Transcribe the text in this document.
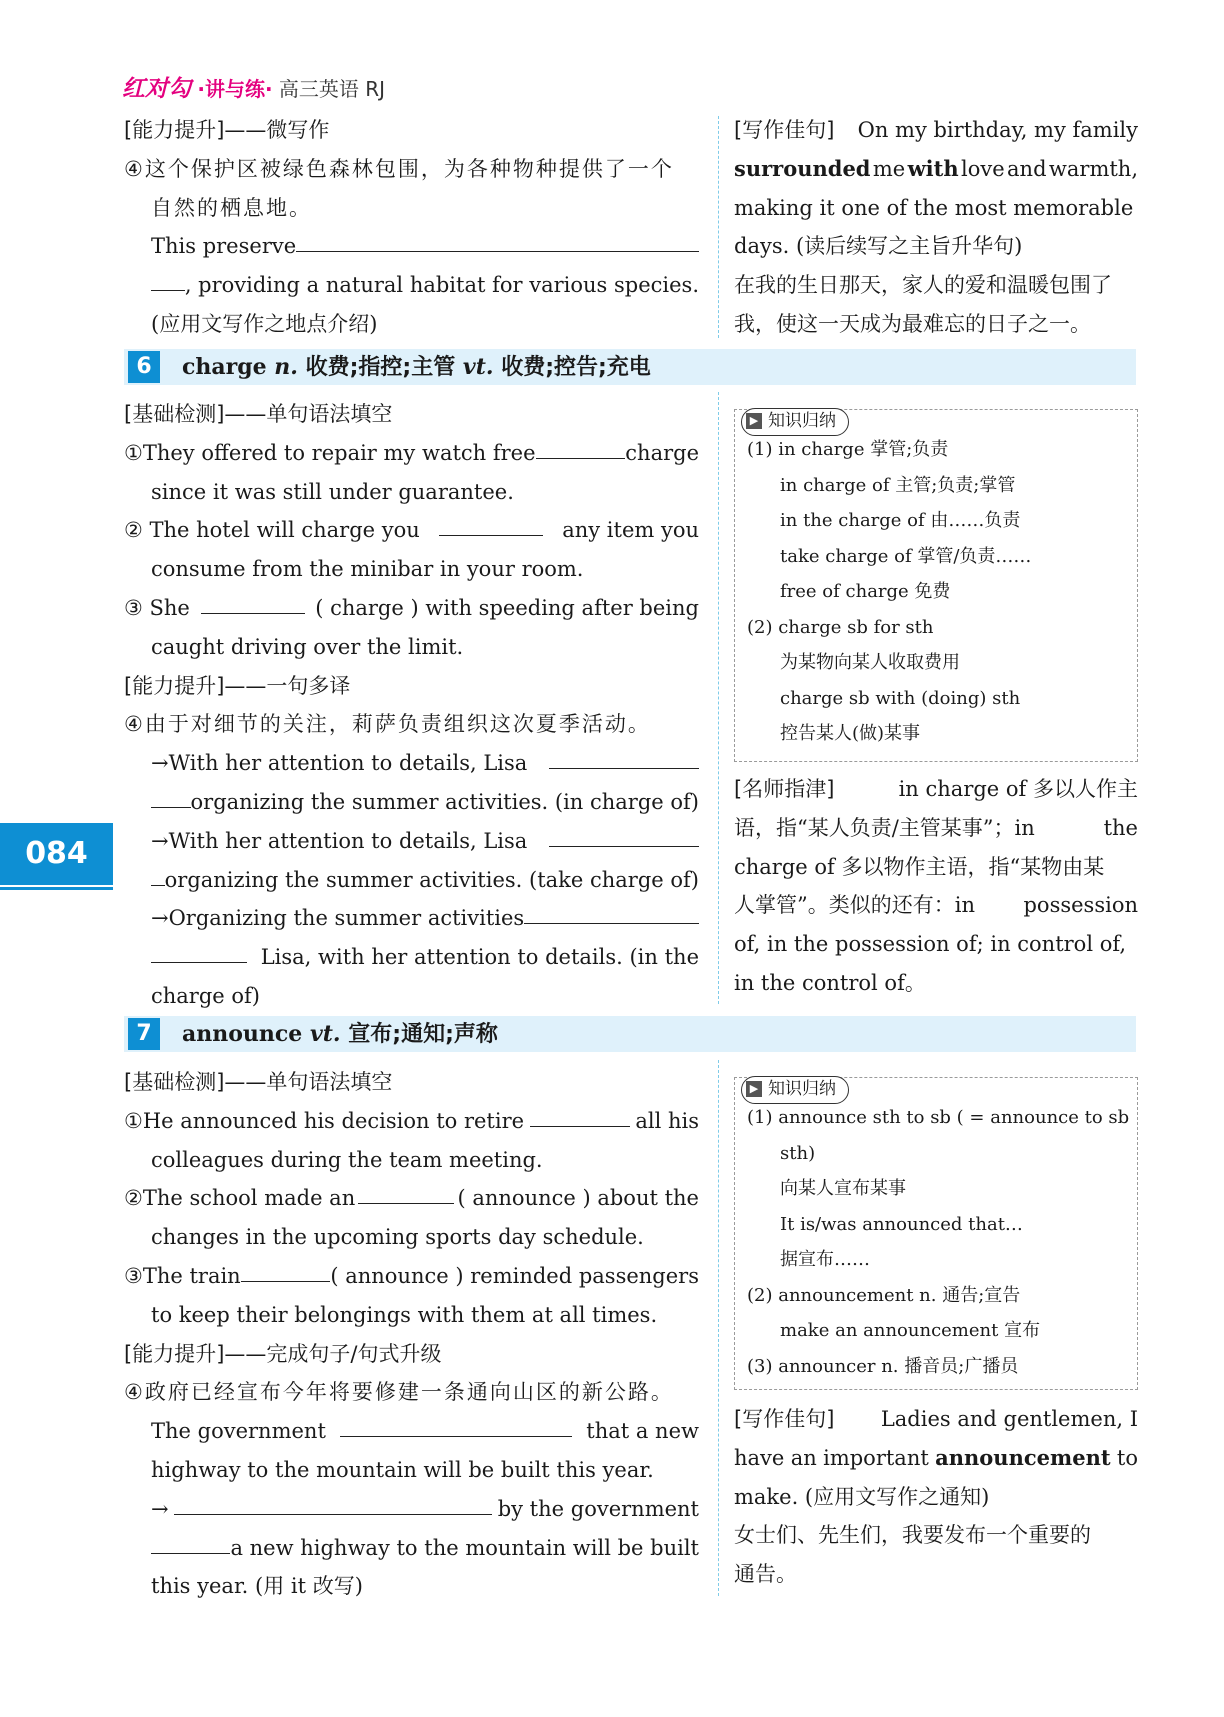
红对勾 ·讲与练· 高三英语 RJ
084
[能力提升]——微写作
④这个保护区被绿色森林包围，为各种物种提供了一个
自然的栖息地。
This preserve
, providing a natural habitat for various species.
(应用文写作之地点介绍)
[写作佳句] On my birthday, my family
surrounded me with love and warmth,
making it one of the most memorable
days. (读后续写之主旨升华句)
在我的生日那天，家人的爱和温暖包围了
我，使这一天成为最难忘的日子之一。
6	charge n. 收费;指控;主管 vt. 收费;控告;充电
[基础检测]——单句语法填空
①They offered to repair my watch free	charge
since it was still under guarantee.
② The hotel will charge you	any item you
consume from the minibar in your room.
③ She	( charge ) with speeding after being
caught driving over the limit.
[能力提升]——一句多译
④由于对细节的关注，莉萨负责组织这次夏季活动。
→With her attention to details, Lisa
organizing the summer activities. (in charge of)
→With her attention to details, Lisa
organizing the summer activities. (take charge of)
→Organizing the summer activities
Lisa, with her attention to details. (in the
charge of)
▶ 知识归纳
(1) in charge 掌管;负责
in charge of 主管;负责;掌管
in the charge of 由……负责
take charge of 掌管/负责……
free of charge 免费
(2) charge sb for sth
为某物向某人收取费用
charge sb with (doing) sth
控告某人(做)某事
[名师指津]	in charge of 多以人作主
语，指“某人负责/主管某事”；in	the
charge of 多以物作主语，指“某物由某
人掌管”。类似的还有：in possession
of, in the possession of; in control of,
in the control of。
7	announce vt. 宣布;通知;声称
[基础检测]——单句语法填空
①He announced his decision to retire	all his
colleagues during the team meeting.
②The school made an	( announce ) about the
changes in the upcoming sports day schedule.
③The train	( announce ) reminded passengers
to keep their belongings with them at all times.
[能力提升]——完成句子/句式升级
④政府已经宣布今年将要修建一条通向山区的新公路。
The government	that a new
highway to the mountain will be built this year.
→	by the government
a new highway to the mountain will be built
this year. (用 it 改写)
▶ 知识归纳
(1) announce sth to sb ( = announce to sb
sth)
向某人宣布某事
It is/was announced that…
据宣布……
(2) announcement n. 通告;宣告
make an announcement 宣布
(3) announcer n. 播音员;广播员
[写作佳句] Ladies and gentlemen, I
have an important announcement to
make. (应用文写作之通知)
女士们、先生们，我要发布一个重要的
通告。
